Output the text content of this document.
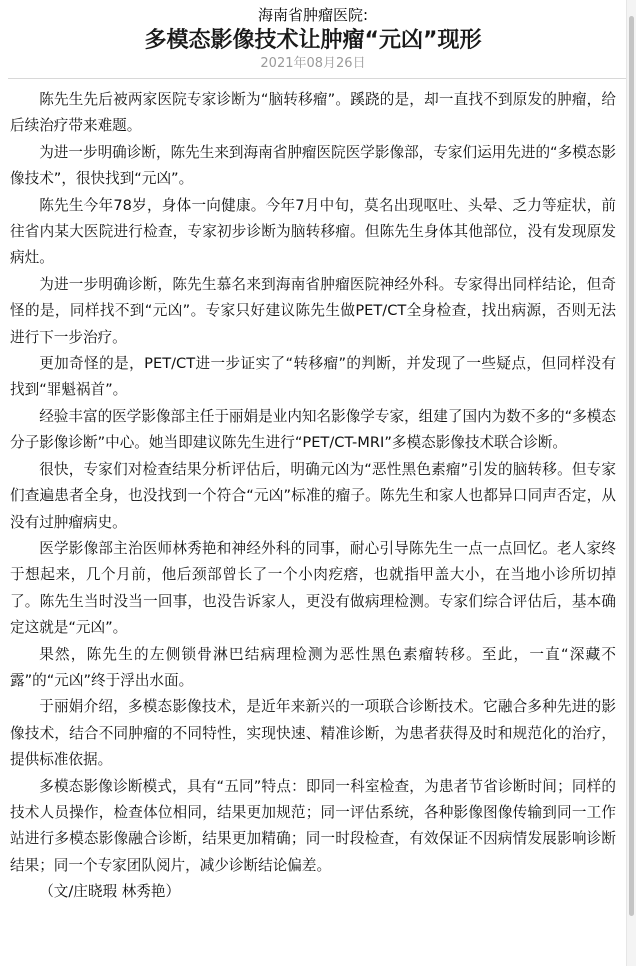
海南省肿瘤医院:
多模态影像技术让肿瘤“元凶”现形
2021年08月26日

陈先生先后被两家医院专家诊断为“脑转移瘤”。蹊跷的是，却一直找不到原发的肿瘤，给后续治疗带来难题。

为进一步明确诊断，陈先生来到海南省肿瘤医院医学影像部，专家们运用先进的“多模态影像技术”，很快找到“元凶”。

陈先生今年78岁，身体一向健康。今年7月中旬，莫名出现呕吐、头晕、乏力等症状，前往省内某大医院进行检查，专家初步诊断为脑转移瘤。但陈先生身体其他部位，没有发现原发病灶。

为进一步明确诊断，陈先生慕名来到海南省肿瘤医院神经外科。专家得出同样结论，但奇怪的是，同样找不到“元凶”。专家只好建议陈先生做PET/CT全身检查，找出病源，否则无法进行下一步治疗。

更加奇怪的是，PET/CT进一步证实了“转移瘤”的判断，并发现了一些疑点，但同样没有找到“罪魁祸首”。

经验丰富的医学影像部主任于丽娟是业内知名影像学专家，组建了国内为数不多的“多模态分子影像诊断”中心。她当即建议陈先生进行“PET/CT-MRI”多模态影像技术联合诊断。

很快，专家们对检查结果分析评估后，明确元凶为“恶性黑色素瘤”引发的脑转移。但专家们查遍患者全身，也没找到一个符合“元凶”标准的瘤子。陈先生和家人也都异口同声否定，从没有过肿瘤病史。

医学影像部主治医师林秀艳和神经外科的同事，耐心引导陈先生一点一点回忆。老人家终于想起来，几个月前，他后颈部曾长了一个小肉疙瘩，也就指甲盖大小，在当地小诊所切掉了。陈先生当时没当一回事，也没告诉家人，更没有做病理检测。专家们综合评估后，基本确定这就是“元凶”。

果然，陈先生的左侧锁骨淋巴结病理检测为恶性黑色素瘤转移。至此，一直“深藏不露”的“元凶”终于浮出水面。

于丽娟介绍，多模态影像技术，是近年来新兴的一项联合诊断技术。它融合多种先进的影像技术，结合不同肿瘤的不同特性，实现快速、精准诊断，为患者获得及时和规范化的治疗，提供标准依据。

多模态影像诊断模式，具有“五同”特点：即同一科室检查，为患者节省诊断时间；同样的技术人员操作，检查体位相同，结果更加规范；同一评估系统，各种影像图像传输到同一工作站进行多模态影像融合诊断，结果更加精确；同一时段检查，有效保证不因病情发展影响诊断结果；同一个专家团队阅片，减少诊断结论偏差。

（文/庄晓瑕 林秀艳）
